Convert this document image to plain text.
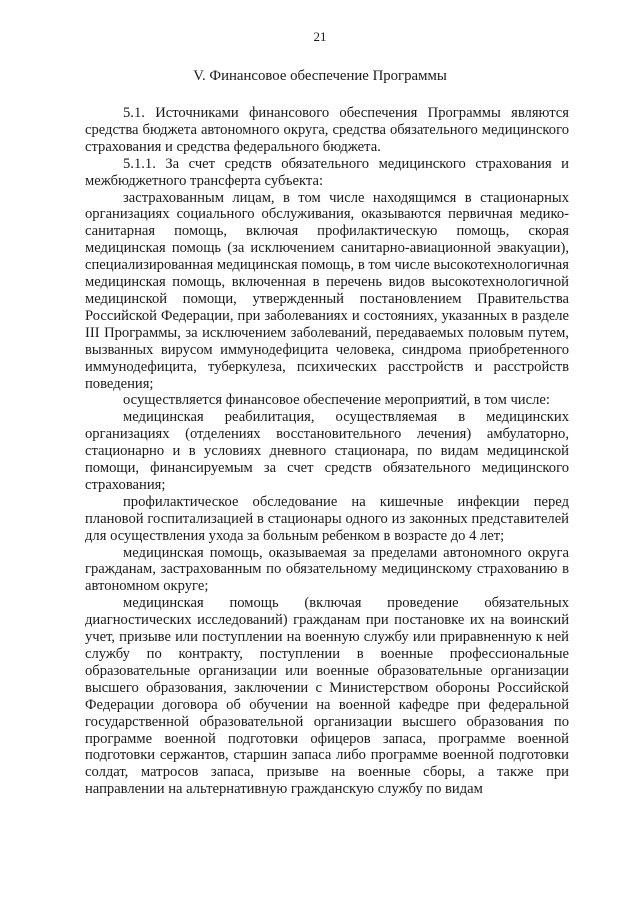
21
V. Финансовое обеспечение Программы

5.1. Источниками финансового обеспечения Программы являются средства бюджета автономного округа, средства обязательного медицинского страхования и средства федерального бюджета.

5.1.1. За счет средств обязательного медицинского страхования и межбюджетного трансферта субъекта:

застрахованным лицам, в том числе находящимся в стационарных организациях социального обслуживания, оказываются первичная медико-санитарная помощь, включая профилактическую помощь, скорая медицинская помощь (за исключением санитарно-авиационной эвакуации), специализированная медицинская помощь, в том числе высокотехнологичная медицинская помощь, включенная в перечень видов высокотехнологичной медицинской помощи, утвержденный постановлением Правительства Российской Федерации, при заболеваниях и состояниях, указанных в разделе III Программы, за исключением заболеваний, передаваемых половым путем, вызванных вирусом иммунодефицита человека, синдрома приобретенного иммунодефицита, туберкулеза, психических расстройств и расстройств поведения;

осуществляется финансовое обеспечение мероприятий, в том числе:

медицинская реабилитация, осуществляемая в медицинских организациях (отделениях восстановительного лечения) амбулаторно, стационарно и в условиях дневного стационара, по видам медицинской помощи, финансируемым за счет средств обязательного медицинского страхования;

профилактическое обследование на кишечные инфекции перед плановой госпитализацией в стационары одного из законных представителей для осуществления ухода за больным ребенком в возрасте до 4 лет;

медицинская помощь, оказываемая за пределами автономного округа гражданам, застрахованным по обязательному медицинскому страхованию в автономном округе;

медицинская помощь (включая проведение обязательных диагностических исследований) гражданам при постановке их на воинский учет, призыве или поступлении на военную службу или приравненную к ней службу по контракту, поступлении в военные профессиональные образовательные организации или военные образовательные организации высшего образования, заключении с Министерством обороны Российской Федерации договора об обучении на военной кафедре при федеральной государственной образовательной организации высшего образования по программе военной подготовки офицеров запаса, программе военной подготовки сержантов, старшин запаса либо программе военной подготовки солдат, матросов запаса, призыве на военные сборы, а также при направлении на альтернативную гражданскую службу по видам
